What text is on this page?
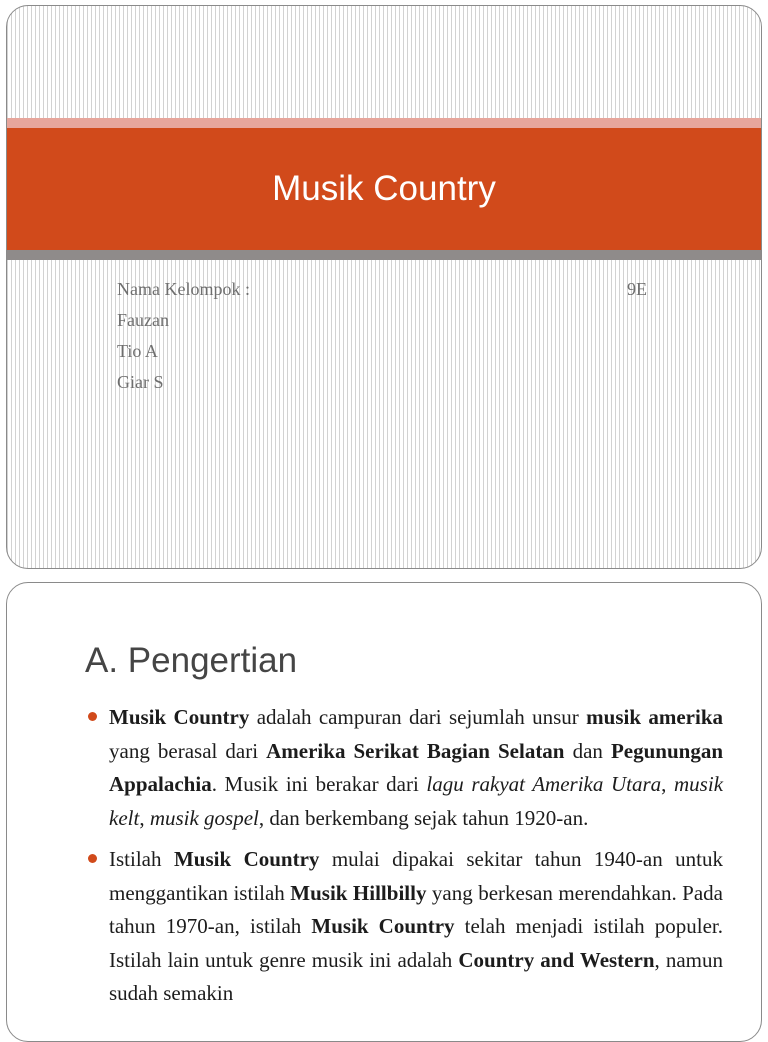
Musik Country
Nama Kelompok :	9E
Fauzan
Tio A
Giar S
A. Pengertian
Musik Country adalah campuran dari sejumlah unsur musik amerika yang berasal dari Amerika Serikat Bagian Selatan dan Pegunungan Appalachia. Musik ini berakar dari lagu rakyat Amerika Utara, musik kelt, musik gospel, dan berkembang sejak tahun 1920-an.
Istilah Musik Country mulai dipakai sekitar tahun 1940-an untuk menggantikan istilah Musik Hillbilly yang berkesan merendahkan. Pada tahun 1970-an, istilah Musik Country telah menjadi istilah populer. Istilah lain untuk genre musik ini adalah Country and Western, namun sudah semakin
